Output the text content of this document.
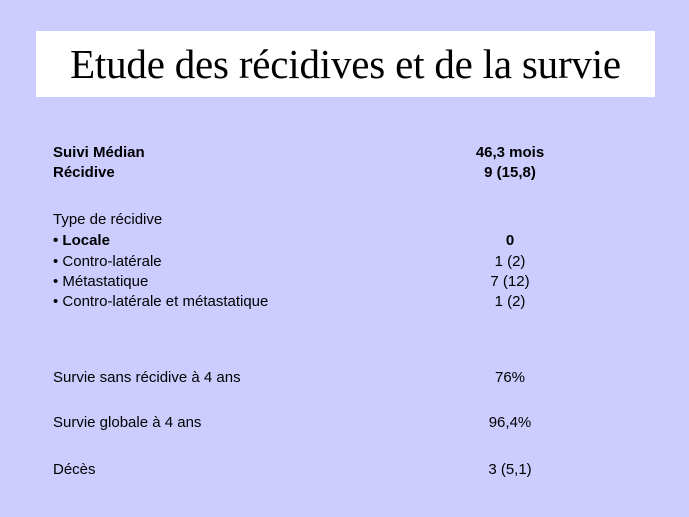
Etude des récidives et de la survie
Suivi Médian	46,3 mois
Récidive	9 (15,8)
Type de récidive
• Locale	0
• Contro-latérale	1 (2)
• Métastatique	7 (12)
• Contro-latérale et métastatique	1 (2)
Survie sans récidive à 4 ans	76%
Survie globale à 4 ans	96,4%
Décès	3 (5,1)
